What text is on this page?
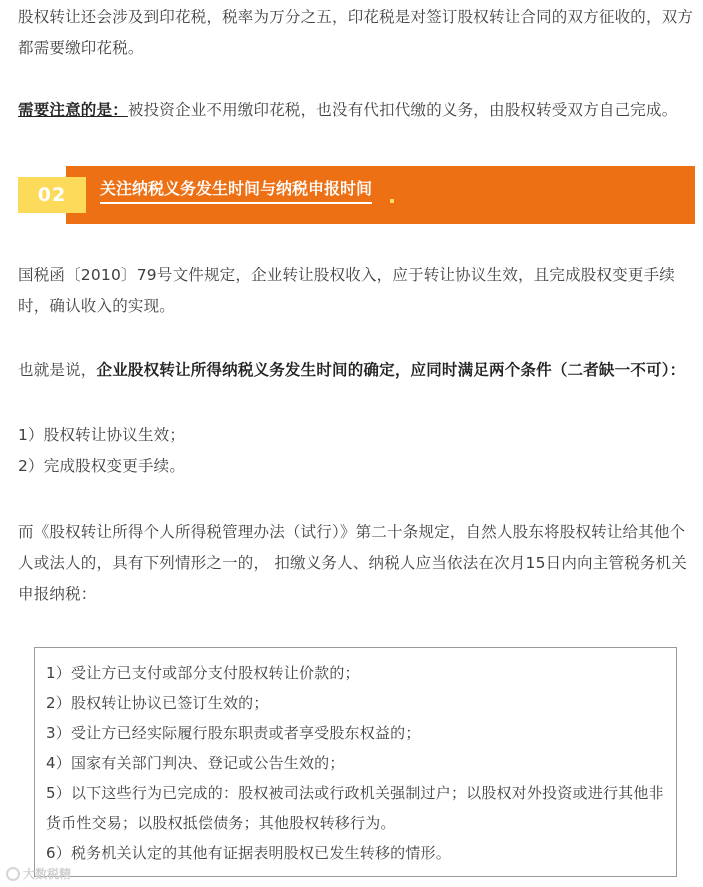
股权转让还会涉及到印花税，税率为万分之五，印花税是对签订股权转让合同的双方征收的，双方都需要缴印花税。

需要注意的是：被投资企业不用缴印花税，也没有代扣代缴的义务，由股权转受双方自己完成。

02	关注纳税义务发生时间与纳税申报时间

国税函〔2010〕79号文件规定，企业转让股权收入，应于转让协议生效，且完成股权变更手续时，确认收入的实现。

也就是说，企业股权转让所得纳税义务发生时间的确定，应同时满足两个条件（二者缺一不可）：

1）股权转让协议生效；

2）完成股权变更手续。

而《股权转让所得个人所得税管理办法（试行）》第二十条规定，自然人股东将股权转让给其他个人或法人的，具有下列情形之一的， 扣缴义务人、纳税人应当依法在次月15日内向主管税务机关申报纳税：

1）受让方已支付或部分支付股权转让价款的；
2）股权转让协议已签订生效的；
3）受让方已经实际履行股东职责或者享受股东权益的；
4）国家有关部门判决、登记或公告生效的；
5）以下这些行为已完成的：股权被司法或行政机关强制过户；以股权对外投资或进行其他非货币性交易；以股权抵偿债务；其他股权转移行为。
6）税务机关认定的其他有证据表明股权已发生转移的情形。
大数税精
